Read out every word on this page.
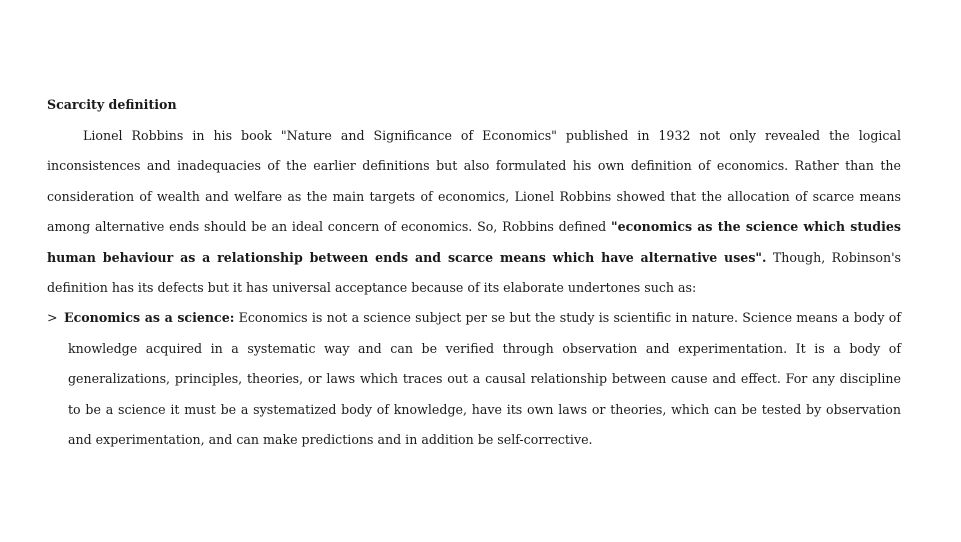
Scarcity definition

Lionel Robbins in his book "Nature and Significance of Economics" published in 1932 not only revealed the logical inconsistences and inadequacies of the earlier definitions but also formulated his own definition of economics. Rather than the consideration of wealth and welfare as the main targets of economics, Lionel Robbins showed that the allocation of scarce means among alternative ends should be an ideal concern of economics. So, Robbins defined "economics as the science which studies human behaviour as a relationship between ends and scarce means which have alternative uses". Though, Robinson's definition has its defects but it has universal acceptance because of its elaborate undertones such as:

> Economics as a science: Economics is not a science subject per se but the study is scientific in nature. Science means a body of knowledge acquired in a systematic way and can be verified through observation and experimentation. It is a body of generalizations, principles, theories, or laws which traces out a causal relationship between cause and effect. For any discipline to be a science it must be a systematized body of knowledge, have its own laws or theories, which can be tested by observation and experimentation, and can make predictions and in addition be self-corrective.
